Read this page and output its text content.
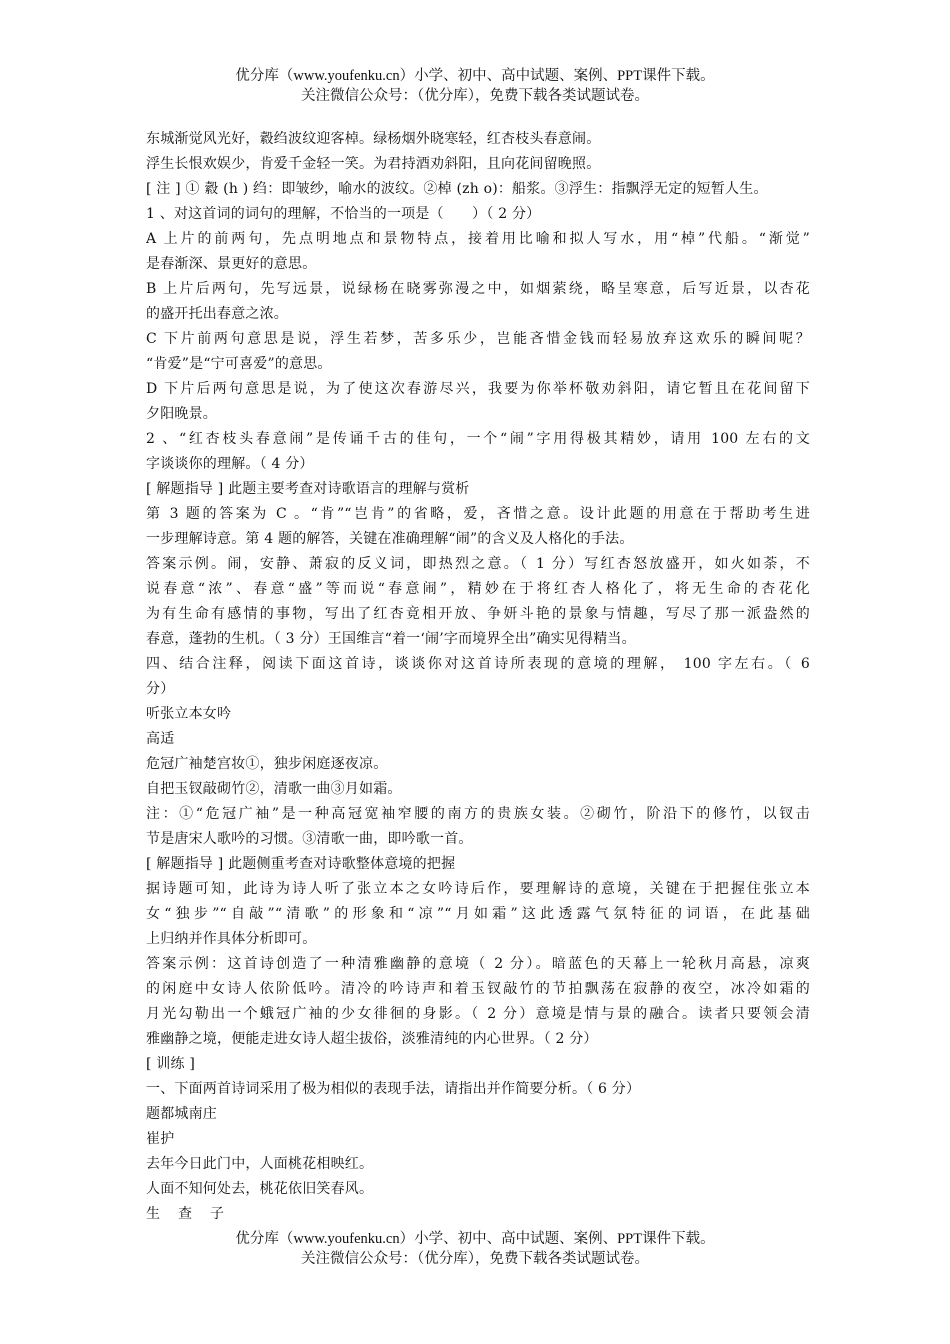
优分库（www.youfenku.cn）小学、初中、高中试题、案例、PPT课件下载。
关注微信公众号：（优分库），免费下载各类试题试卷。
东城渐觉风光好，縠绉波纹迎客棹。绿杨烟外晓寒轻，红杏枝头春意闹。
浮生长恨欢娱少，肯爱千金轻一笑。为君持酒劝斜阳，且向花间留晚照。
[ 注 ] ① 縠 (h ) 绉：即皱纱，喻水的波纹。②棹 (zh o)：船浆。③浮生：指飘浮无定的短暂人生。
1 、对这首词的词句的理解，不恰当的一项是（　　）（ 2 分）
A 上片的前两句，先点明地点和景物特点，接着用比喻和拟人写水，用“棹”代船。“渐觉”
是春渐深、景更好的意思。
B 上片后两句，先写远景，说绿杨在晓雾弥漫之中，如烟萦绕，略呈寒意，后写近景，以杏花
的盛开托出春意之浓。
C 下片前两句意思是说，浮生若梦，苦多乐少，岂能吝惜金钱而轻易放弃这欢乐的瞬间呢？
“肯爱”是“宁可喜爱”的意思。
D 下片后两句意思是说，为了使这次春游尽兴，我要为你举杯敬劝斜阳，请它暂且在花间留下
夕阳晚景。
2 、“红杏枝头春意闹”是传诵千古的佳句，一个“闹”字用得极其精妙，请用 100 左右的文
字谈谈你的理解。（ 4 分）
[ 解题指导 ] 此题主要考查对诗歌语言的理解与赏析
第 3 题的答案为 C 。“肯”“岂肯”的省略，爱，吝惜之意。设计此题的用意在于帮助考生进
一步理解诗意。第 4 题的解答，关键在准确理解“闹”的含义及人格化的手法。
答案示例。闹，安静、萧寂的反义词，即热烈之意。（ 1 分）写红杏怒放盛开，如火如荼，不
说春意“浓”、春意“盛”等而说“春意闹”，精妙在于将红杏人格化了，将无生命的杏花化
为有生命有感情的事物，写出了红杏竟相开放、争妍斗艳的景象与情趣，写尽了那一派盎然的
春意，蓬勃的生机。（ 3 分）王国维言“着一‘闹’字而境界全出”确实见得精当。
四、结合注释，阅读下面这首诗，谈谈你对这首诗所表现的意境的理解， 100 字左右。（ 6
分）
听张立本女吟
高适
危冠广袖楚宫妆①，独步闲庭逐夜凉。
自把玉钗敲砌竹②，清歌一曲③月如霜。
注：①“危冠广袖”是一种高冠宽袖窄腰的南方的贵族女装。②砌竹，阶沿下的修竹，以钗击
节是唐宋人歌吟的习惯。③清歌一曲，即吟歌一首。
[ 解题指导 ] 此题侧重考查对诗歌整体意境的把握
据诗题可知，此诗为诗人听了张立本之女吟诗后作，要理解诗的意境，关键在于把握住张立本
女“独步”“自敲”“清歌”的形象和“凉”“月如霜”这此透露气氛特征的词语，在此基础
上归纳并作具体分析即可。
答案示例：这首诗创造了一种清雅幽静的意境（ 2 分）。暗蓝色的天幕上一轮秋月高悬，凉爽
的闲庭中女诗人依阶低吟。清冷的吟诗声和着玉钗敲竹的节拍飘荡在寂静的夜空，冰冷如霜的
月光勾勒出一个蛾冠广袖的少女徘徊的身影。（ 2 分）意境是情与景的融合。读者只要领会清
雅幽静之境，便能走进女诗人超尘拔俗，淡雅清纯的内心世界。（ 2 分）
[ 训练 ]
一、下面两首诗词采用了极为相似的表现手法，请指出并作简要分析。（ 6 分）
题都城南庄
崔护
去年今日此门中，人面桃花相映红。
人面不知何处去，桃花依旧笑春风。
生查子
优分库（www.youfenku.cn）小学、初中、高中试题、案例、PPT课件下载。
关注微信公众号：（优分库），免费下载各类试题试卷。
